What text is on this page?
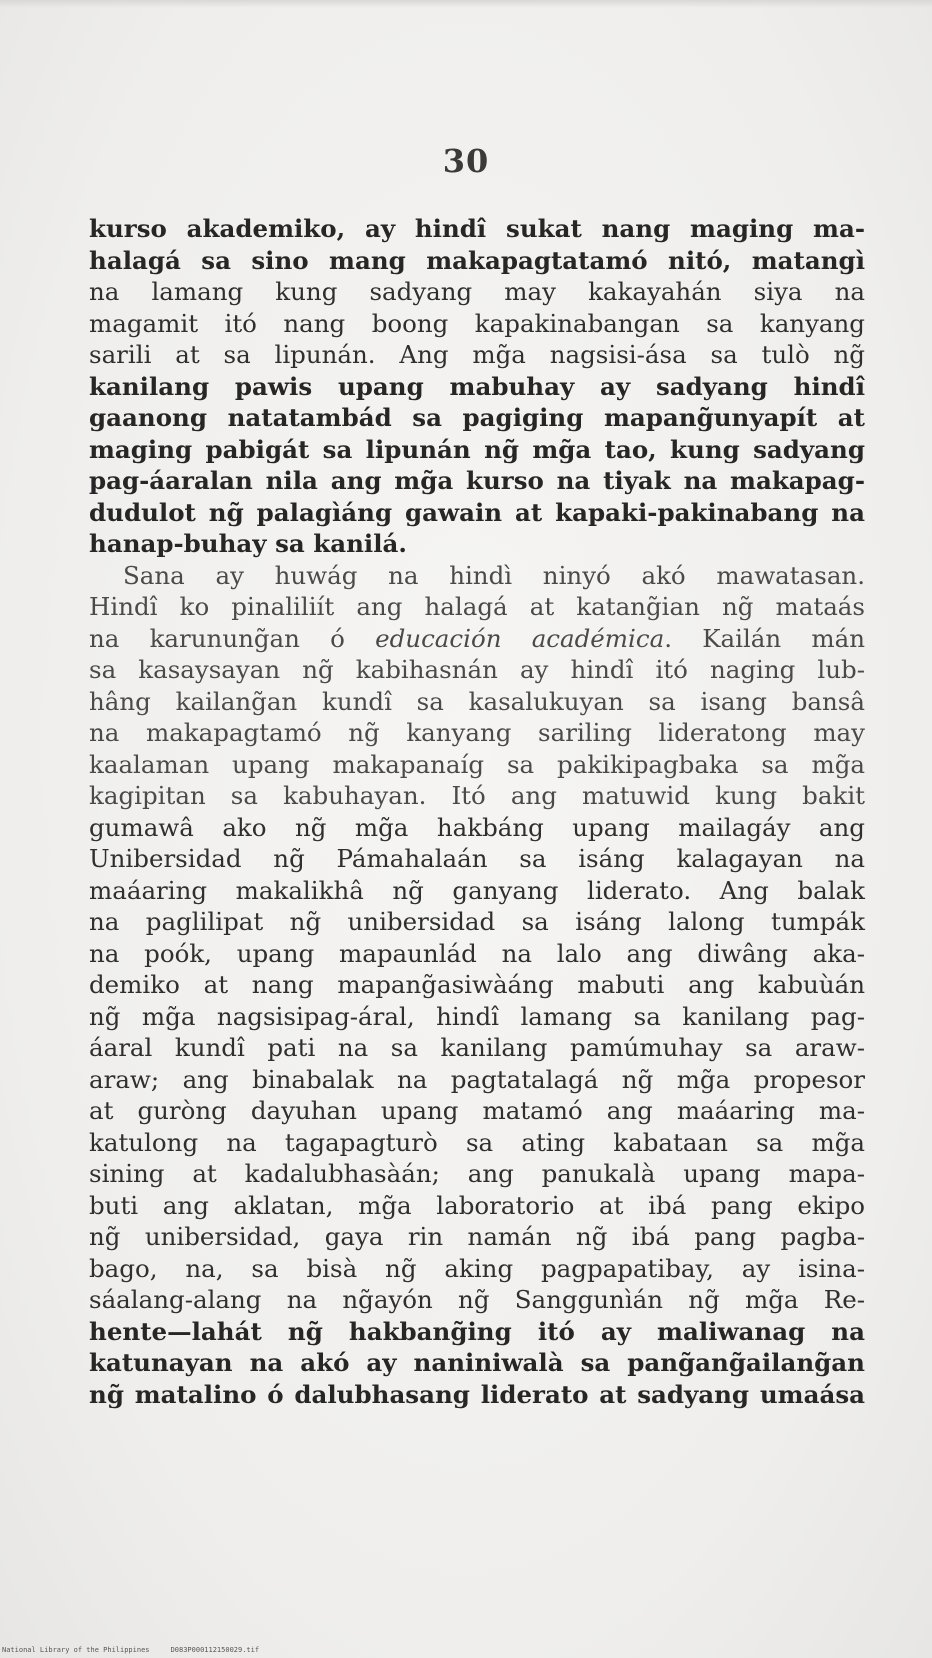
30
kurso akademiko, ay hindî sukat nang maging ma-
halagá sa sino mang makapagtatamó nitó, matangì
na lamang kung sadyang may kakayahán siya na
magamit itó nang boong kapakinabangan sa kanyang
sarili at sa lipunán. Ang mg̃a nagsisi-ása sa tulò ng̃
kanilang pawis upang mabuhay ay sadyang hindî
gaanong natatambád sa pagiging mapang̃unyapít at
maging pabigát sa lipunán ng̃ mg̃a tao, kung sadyang
pag-áaralan nila ang mg̃a kurso na tiyak na makapag-
dudulot ng̃ palagìáng gawain at kapaki-pakinabang na
hanap-buhay sa kanilá.
Sana ay huwág na hindì ninyó akó mawatasan.
Hindî ko pinaliliít ang halagá at katang̃ian ng̃ mataás
na karunung̃an ó educación académica. Kailán mán
sa kasaysayan ng̃ kabihasnán ay hindî itó naging lub-
hâng kailang̃an kundî sa kasalukuyan sa isang bansâ
na makapagtamó ng̃ kanyang sariling lideratong may
kaalaman upang makapanaíg sa pakikipagbaka sa mg̃a
kagipitan sa kabuhayan. Itó ang matuwid kung bakit
gumawâ ako ng̃ mg̃a hakbáng upang mailagáy ang
Unibersidad ng̃ Pámahalaán sa isáng kalagayan na
maáaring makalikhâ ng̃ ganyang liderato. Ang balak
na paglilipat ng̃ unibersidad sa isáng lalong tumpák
na poók, upang mapaunlád na lalo ang diwâng aka-
demiko at nang mapang̃asiwàáng mabuti ang kabuùán
ng̃ mg̃a nagsisipag-áral, hindî lamang sa kanilang pag-
áaral kundî pati na sa kanilang pamúmuhay sa araw-
araw; ang binabalak na pagtatalagá ng̃ mg̃a propesor
at guròng dayuhan upang matamó ang maáaring ma-
katulong na tagapagturò sa ating kabataan sa mg̃a
sining at kadalubhasàán; ang panukalà upang mapa-
buti ang aklatan, mg̃a laboratorio at ibá pang ekipo
ng̃ unibersidad, gaya rin namán ng̃ ibá pang pagba-
bago, na, sa bisà ng̃ aking pagpapatibay, ay isina-
sáalang-alang na ng̃ayón ng̃ Sanggunìán ng̃ mg̃a Re-
hente—lahát ng̃ hakbang̃ing itó ay maliwanag na
katunayan na akó ay naniniwalà sa pang̃ang̃ailang̃an
ng̃ matalino ó dalubhasang liderato at sadyang umaása
National Library of the Philippines     D083P000112150029.tif
